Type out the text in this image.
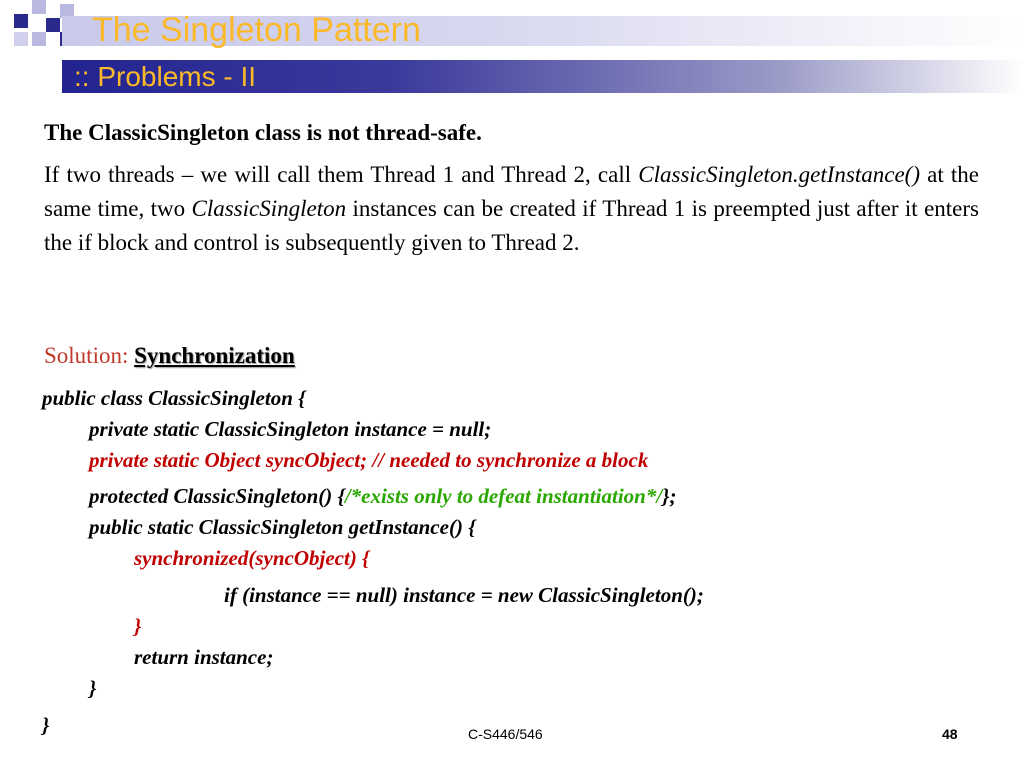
The Singleton Pattern
:: Problems - II
The ClassicSingleton class is not thread-safe.
If two threads – we will call them Thread 1 and Thread 2, call ClassicSingleton.getInstance() at the same time, two ClassicSingleton instances can be created if Thread 1 is preempted just after it enters the if block and control is subsequently given to Thread 2.
Solution: Synchronization
public class ClassicSingleton {
private static ClassicSingleton instance = null;
private static Object syncObject; // needed to synchronize a block
protected ClassicSingleton() {/*exists only to defeat instantiation*/};
public static ClassicSingleton getInstance() {
synchronized(syncObject) {
if (instance == null) instance = new ClassicSingleton();
}
return instance;
}
}	C-S446/546	48
